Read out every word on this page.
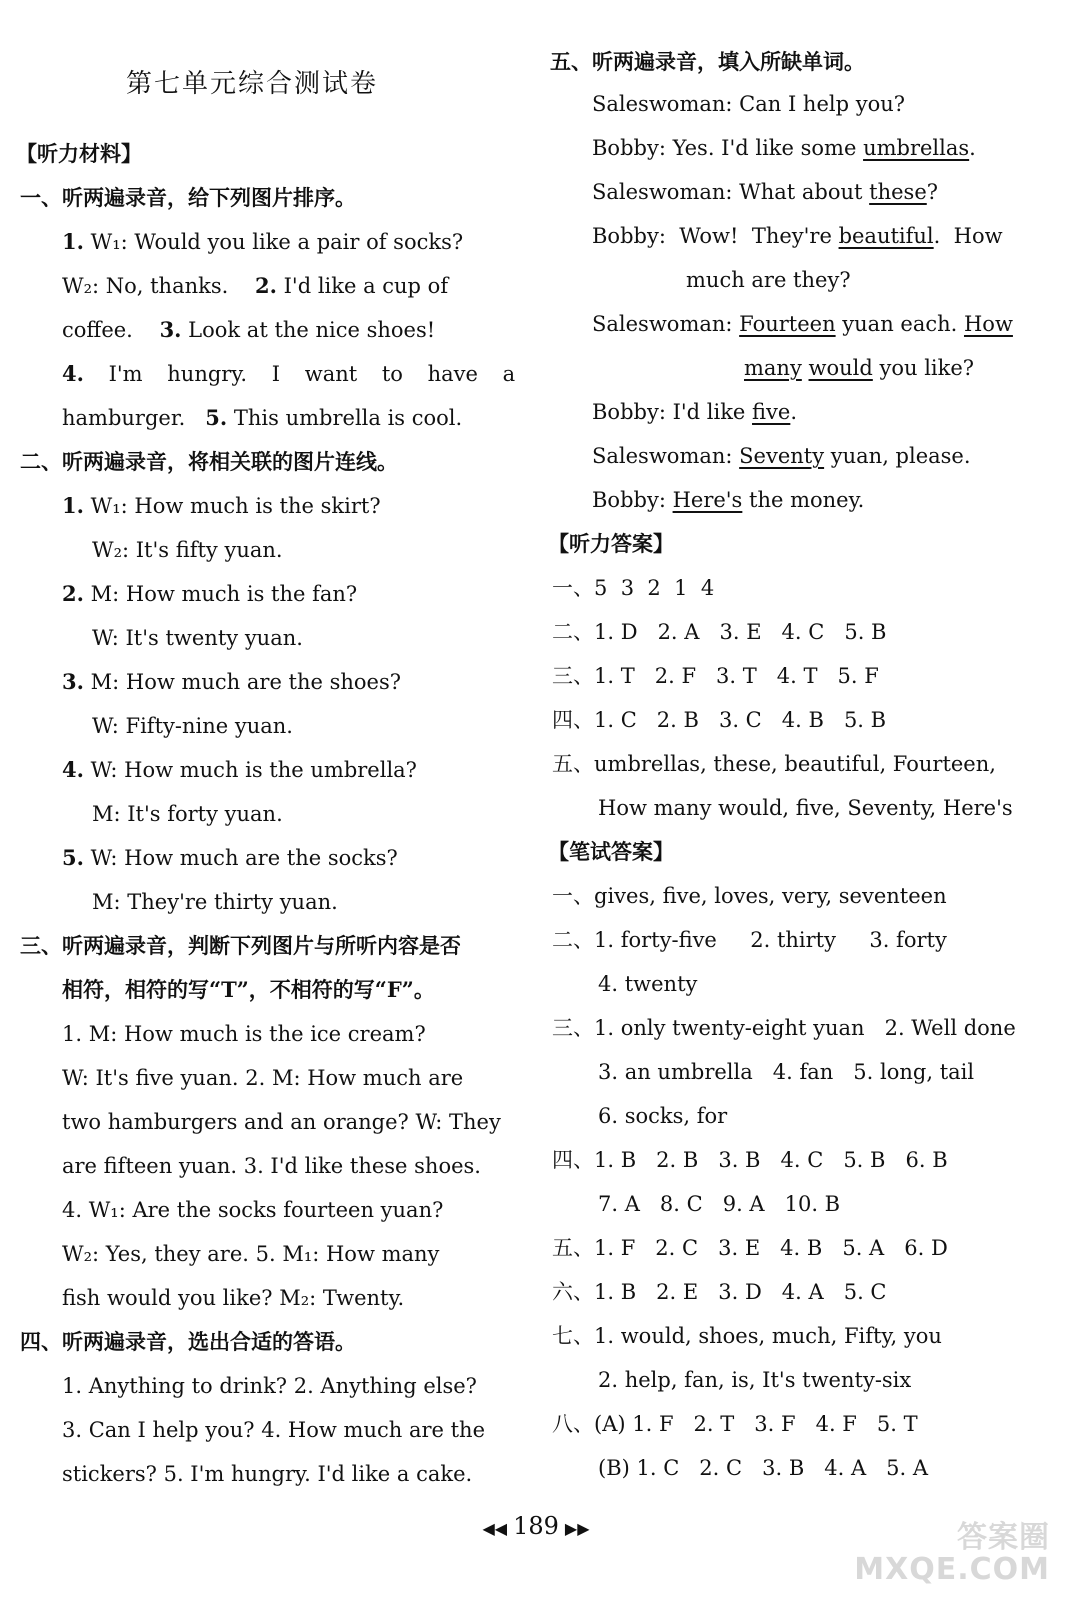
第七单元综合测试卷
【听力材料】
一、听两遍录音，给下列图片排序。
1. W₁: Would you like a pair of socks?
W₂: No, thanks. 2. I'd like a cup of
coffee. 3. Look at the nice shoes!
4. I'm hungry. I want to have a
hamburger. 5. This umbrella is cool.
二、听两遍录音，将相关联的图片连线。
1. W₁: How much is the skirt?
W₂: It's fifty yuan.
2. M: How much is the fan?
W: It's twenty yuan.
3. M: How much are the shoes?
W: Fifty-nine yuan.
4. W: How much is the umbrella?
M: It's forty yuan.
5. W: How much are the socks?
M: They're thirty yuan.
三、听两遍录音，判断下列图片与所听内容是否
相符，相符的写“T”，不相符的写“F”。
1. M: How much is the ice cream?
W: It's five yuan. 2. M: How much are
two hamburgers and an orange? W: They
are fifteen yuan. 3. I'd like these shoes.
4. W₁: Are the socks fourteen yuan?
W₂: Yes, they are. 5. M₁: How many
fish would you like? M₂: Twenty.
四、听两遍录音，选出合适的答语。
1. Anything to drink? 2. Anything else?
3. Can I help you? 4. How much are the
stickers? 5. I'm hungry. I'd like a cake.
五、听两遍录音，填入所缺单词。
Saleswoman: Can I help you?
Bobby: Yes. I'd like some umbrellas.
Saleswoman: What about these?
Bobby:  Wow!  They're beautiful.  How
much are they?
Saleswoman: Fourteen yuan each. How
many would you like?
Bobby: I'd like five.
Saleswoman: Seventy yuan, please.
Bobby: Here's the money.
【听力答案】
一、5  3  2  1  4
二、1. D   2. A   3. E   4. C   5. B
三、1. T   2. F   3. T   4. T   5. F
四、1. C   2. B   3. C   4. B   5. B
五、umbrellas, these, beautiful, Fourteen,
How many would, five, Seventy, Here's
【笔试答案】
一、gives, five, loves, very, seventeen
二、1. forty-five     2. thirty     3. forty
4. twenty
三、1. only twenty-eight yuan   2. Well done
3. an umbrella   4. fan   5. long, tail
6. socks, for
四、1. B   2. B   3. B   4. C   5. B   6. B
7. A   8. C   9. A   10. B
五、1. F   2. C   3. E   4. B   5. A   6. D
六、1. B   2. E   3. D   4. A   5. C
七、1. would, shoes, much, Fifty, you
2. help, fan, is, It's twenty-six
八、(A) 1. F   2. T   3. F   4. F   5. T
(B) 1. C   2. C   3. B   4. A   5. A
◀◀ 189 ▶▶	答案圈
MXQE.COM
